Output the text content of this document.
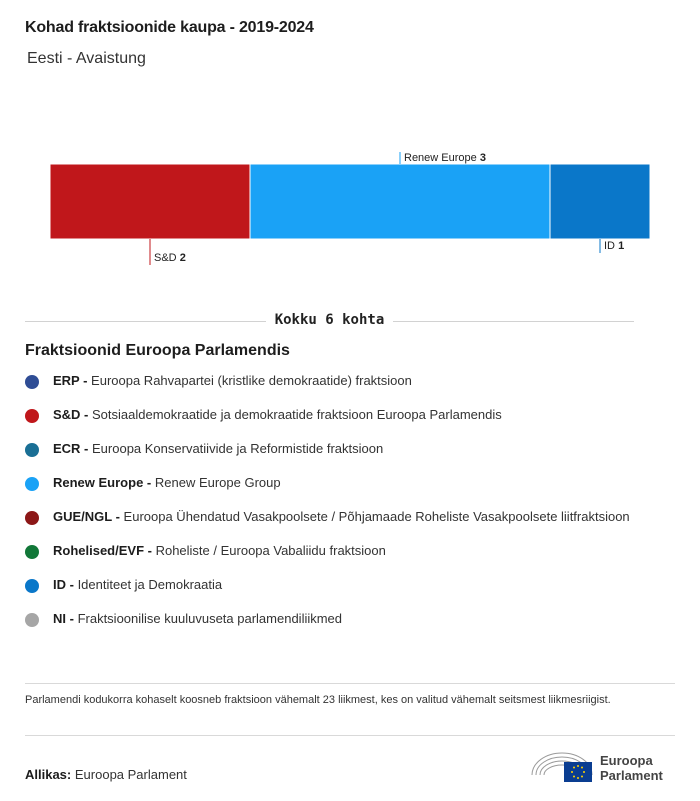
Kohad fraktsioonide kaupa - 2019-2024
Eesti - Avaistung
S&D 2
Renew Europe 3
ID 1
Kokku 6 kohta
Fraktsioonid Euroopa Parlamendis
ERP - Euroopa Rahvapartei (kristlike demokraatide) fraktsioon
S&D - Sotsiaaldemokraatide ja demokraatide fraktsioon Euroopa Parlamendis
ECR - Euroopa Konservatiivide ja Reformistide fraktsioon
Renew Europe - Renew Europe Group
GUE/NGL - Euroopa Ühendatud Vasakpoolsete / Põhjamaade Roheliste Vasakpoolsete liitfraktsioon
Rohelised/EVF - Roheliste / Euroopa Vabaliidu fraktsioon
ID - Identiteet ja Demokraatia
NI - Fraktsioonilise kuuluvuseta parlamendiliikmed
Parlamendi kodukorra kohaselt koosneb fraktsioon vähemalt 23 liikmest, kes on valitud vähemalt seitsmest liikmesriigist.
Allikas: Euroopa Parlament
Euroopa
Parlament
